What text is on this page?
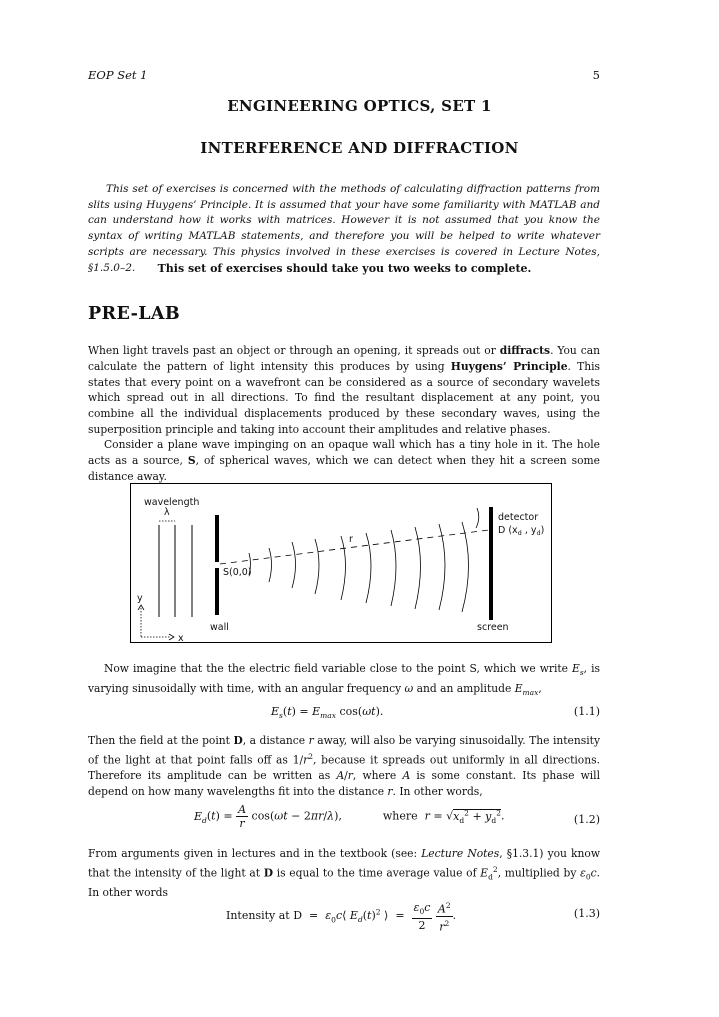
EOP Set 1	5
ENGINEERING OPTICS, SET 1
INTERFERENCE AND DIFFRACTION

This set of exercises is concerned with the methods of calculating diffraction patterns from slits using Huygens’ Principle. It is assumed that your have some familiarity with MATLAB and can understand how it works with matrices. However it is not assumed that you know the syntax of writing MATLAB statements, and therefore you will be helped to write whatever scripts are necessary. This physics involved in these exercises is covered in Lecture Notes, §1.5.0–2.	This set of exercises should take you two weeks to complete.
PRE-LAB

When light travels past an object or through an opening, it spreads out or diffracts. You can calculate the pattern of light intensity this produces by using Huygens’ Principle. This states that every point on a wavefront can be considered as a source of secondary wavelets which spread out in all directions. To find the resultant displacement at any point, you combine all the individual displacements produced by these secondary waves, using the superposition principle and taking into account their amplitudes and relative phases.

Consider a plane wave impinging on an opaque wall which has a tiny hole in it. The hole acts as a source, S, of spherical waves, which we can detect when they hit a screen some distance away.

wavelength
λ
wall
S(0,0)
r
screen
detector
D ($x_d$ , $y_d$)
y
x

Now imagine that the the electric field variable close to the point S, which we write $E_s$, is varying sinusoidally with time, with an angular frequency ω and an amplitude $E_{max}$,

$E_s(t) = E_{max}$ cos(ωt).	(1.1)

Then the field at the point D, a distance r away, will also be varying sinusoidally. The intensity of the light at that point falls off as $1/r^2$, because it spreads out uniformly in all directions. Therefore its amplitude can be written as A/r, where A is some constant. Its phase will depend on how many wavelengths fit into the distance r. In other words,

$E_d(t) = \frac{A}{r} \cos(\omega t - 2\pi r/\lambda)$,	where $r = √x_d^2 + y_d^2$.	(1.2)

From arguments given in lectures and in the textbook (see: Lecture Notes, §1.3.1) you know that the intensity of the light at D is equal to the time average value of $E_d^2$, multiplied by $\varepsilon_0c$. In other words

Intensity at $D = \varepsilon_0c⟨$ $E_d(t)^2$ ⟩  = $\frac{\varepsilon_0c}{2}$
$\frac{A^2}{r^2}$ .	(1.3)
